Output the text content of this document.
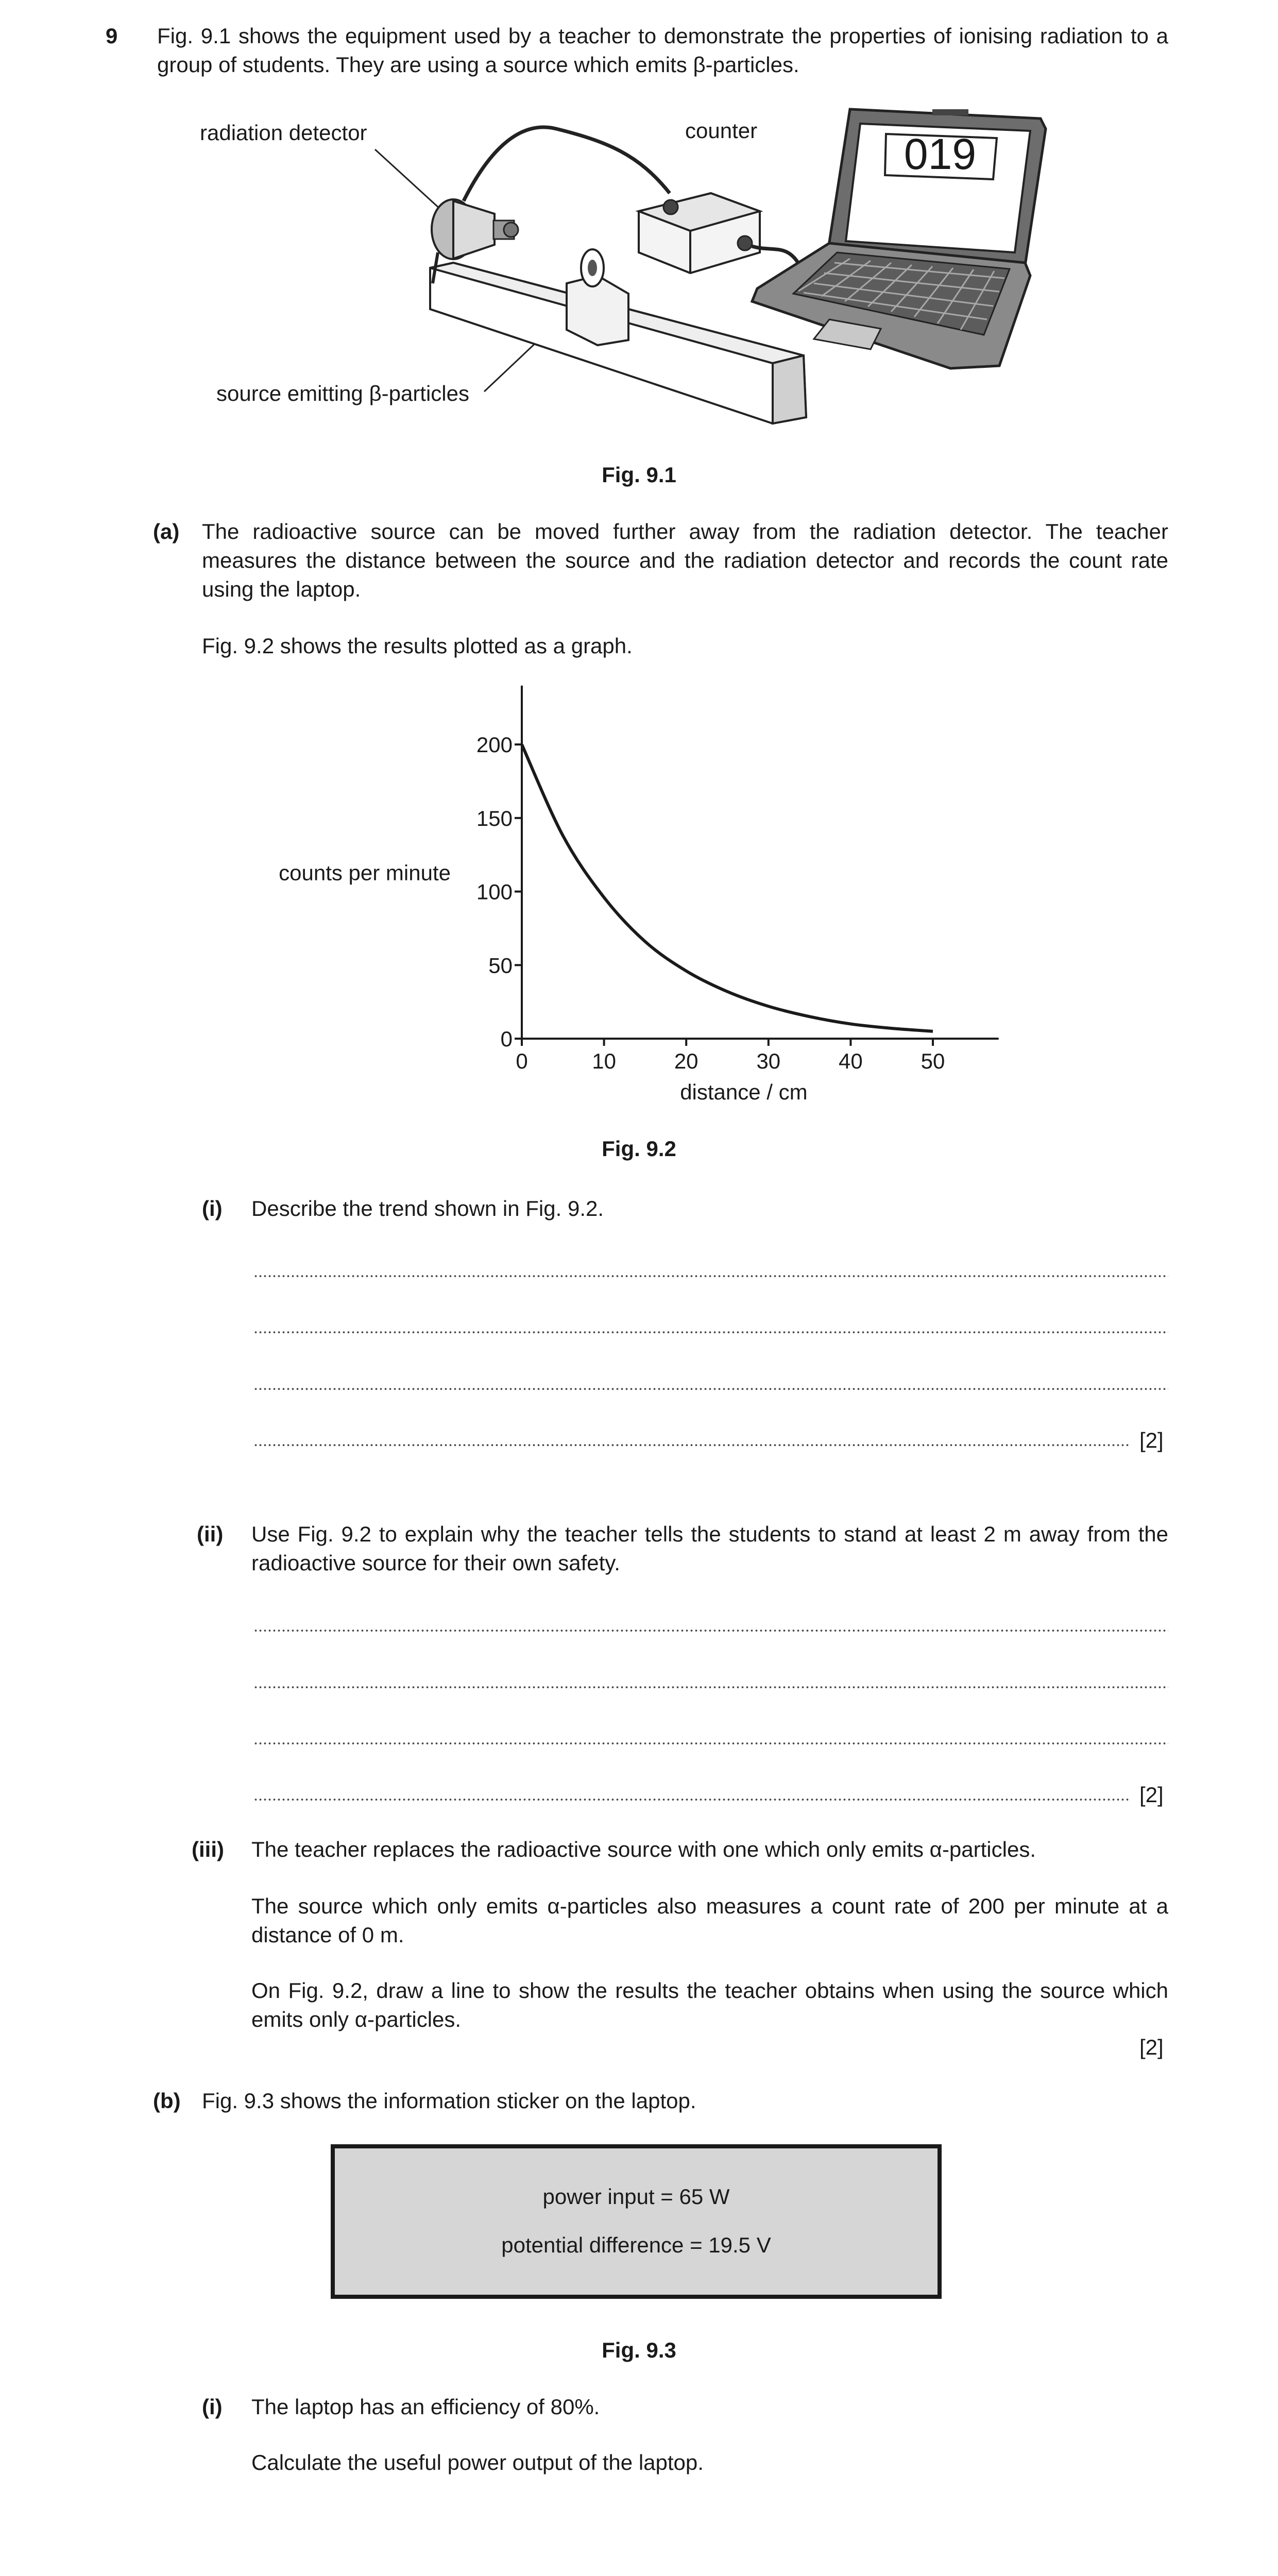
9 Fig. 9.1 shows the equipment used by a teacher to demonstrate the properties of ionising radiation to a group of students. They are using a source which emits β-particles.
radiation detector	counter
source emitting β-particles
019
Fig. 9.1
(a) The radioactive source can be moved further away from the radiation detector. The teacher measures the distance between the source and the radiation detector and records the count rate using the laptop.
Fig. 9.2 shows the results plotted as a graph.
0	10	20	30	40	50
0
50
100
150
200
distance / cm
counts per minute
Fig. 9.2
(i) Describe the trend shown in Fig. 9.2.
[2]
(ii) Use Fig. 9.2 to explain why the teacher tells the students to stand at least 2 m away from the radioactive source for their own safety.
[2]
(iii) The teacher replaces the radioactive source with one which only emits α-particles.
The source which only emits α-particles also measures a count rate of 200 per minute at a distance of 0 m.
On Fig. 9.2, draw a line to show the results the teacher obtains when using the source which emits only α-particles.
[2]
(b) Fig. 9.3 shows the information sticker on the laptop.
power input = 65 W
potential difference = 19.5 V
Fig. 9.3
(i) The laptop has an efficiency of 80%.
Calculate the useful power output of the laptop.
